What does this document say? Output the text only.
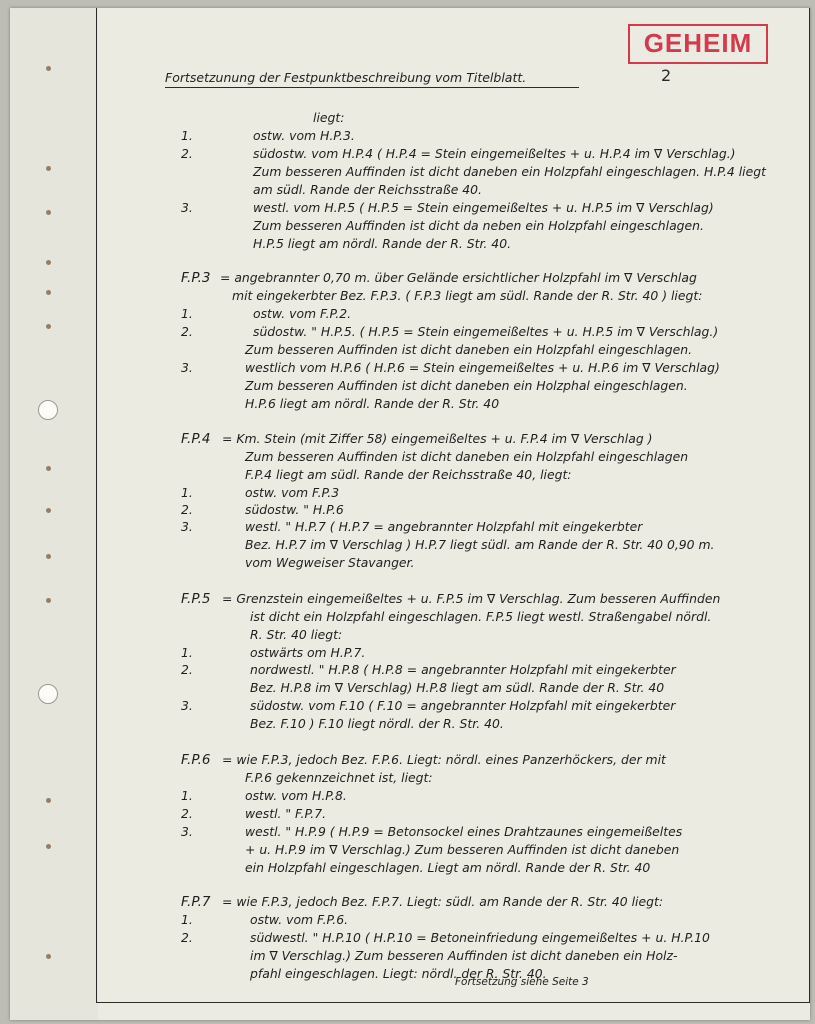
GEHEIM
2
Fortsetzunung der Festpunktbeschreibung vom Titelblatt.
liegt:
1.	ostw. vom H.P.3.
2.	südostw. vom H.P.4 ( H.P.4 = Stein eingemeißeltes + u. H.P.4 im ∇ Verschlag.)
Zum besseren Auffinden ist dicht daneben ein Holzpfahl eingeschlagen. H.P.4 liegt
am südl. Rande der Reichsstraße 40.
3.	westl. vom H.P.5 ( H.P.5 = Stein eingemeißeltes + u. H.P.5 im ∇ Verschlag)
Zum besseren Auffinden ist dicht da neben ein Holzpfahl eingeschlagen.
H.P.5 liegt am nördl. Rande der R. Str. 40.
F.P.3 = angebrannter 0,70 m. über Gelände ersichtlicher Holzpfahl im ∇ Verschlag
mit eingekerbter Bez. F.P.3. ( F.P.3 liegt am südl. Rande der R. Str. 40 ) liegt:
1.	ostw. vom F.P.2.
2.	südostw. " H.P.5. ( H.P.5 = Stein eingemeißeltes + u. H.P.5 im ∇ Verschlag.)
Zum besseren Auffinden ist dicht daneben ein Holzpfahl eingeschlagen.
3.	westlich vom H.P.6 ( H.P.6 = Stein eingemeißeltes + u. H.P.6 im ∇ Verschlag)
Zum besseren Auffinden ist dicht daneben ein Holzphal eingeschlagen.
H.P.6 liegt am nördl. Rande der R. Str. 40
F.P.4 = Km. Stein (mit Ziffer 58) eingemeißeltes + u. F.P.4 im ∇ Verschlag )
Zum besseren Auffinden ist dicht daneben ein Holzpfahl eingeschlagen
F.P.4 liegt am südl. Rande der Reichsstraße 40, liegt:
1.	ostw. vom F.P.3
2.	südostw. " H.P.6
3.	westl. " H.P.7 ( H.P.7 = angebrannter Holzpfahl mit eingekerbter
Bez. H.P.7 im ∇ Verschlag ) H.P.7 liegt südl. am Rande der R. Str. 40 0,90 m.
vom Wegweiser Stavanger.
F.P.5 = Grenzstein eingemeißeltes + u. F.P.5 im ∇ Verschlag. Zum besseren Auffinden
ist dicht ein Holzpfahl eingeschlagen. F.P.5 liegt westl. Straßengabel nördl.
R. Str. 40 liegt:
1.	ostwärts om H.P.7.
2.	nordwestl. " H.P.8 ( H.P.8 = angebrannter Holzpfahl mit eingekerbter
Bez. H.P.8 im ∇ Verschlag) H.P.8 liegt am südl. Rande der R. Str. 40
3.	südostw. vom F.10 ( F.10 = angebrannter Holzpfahl mit eingekerbter
Bez. F.10 ) F.10 liegt nördl. der R. Str. 40.
F.P.6 = wie F.P.3, jedoch Bez. F.P.6. Liegt: nördl. eines Panzerhöckers, der mit
F.P.6 gekennzeichnet ist, liegt:
1.	ostw. vom H.P.8.
2.	westl. " F.P.7.
3.	westl. " H.P.9 ( H.P.9 = Betonsockel eines Drahtzaunes eingemeißeltes
+ u. H.P.9 im ∇ Verschlag.) Zum besseren Auffinden ist dicht daneben
ein Holzpfahl eingeschlagen. Liegt am nördl. Rande der R. Str. 40
F.P.7 = wie F.P.3, jedoch Bez. F.P.7. Liegt: südl. am Rande der R. Str. 40 liegt:
1.	ostw. vom F.P.6.
2.	südwestl. " H.P.10 ( H.P.10 = Betoneinfriedung eingemeißeltes + u. H.P.10
im ∇ Verschlag.) Zum besseren Auffinden ist dicht daneben ein Holz-
pfahl eingeschlagen. Liegt: nördl. der R. Str. 40.
Fortsetzung siehe Seite 3
